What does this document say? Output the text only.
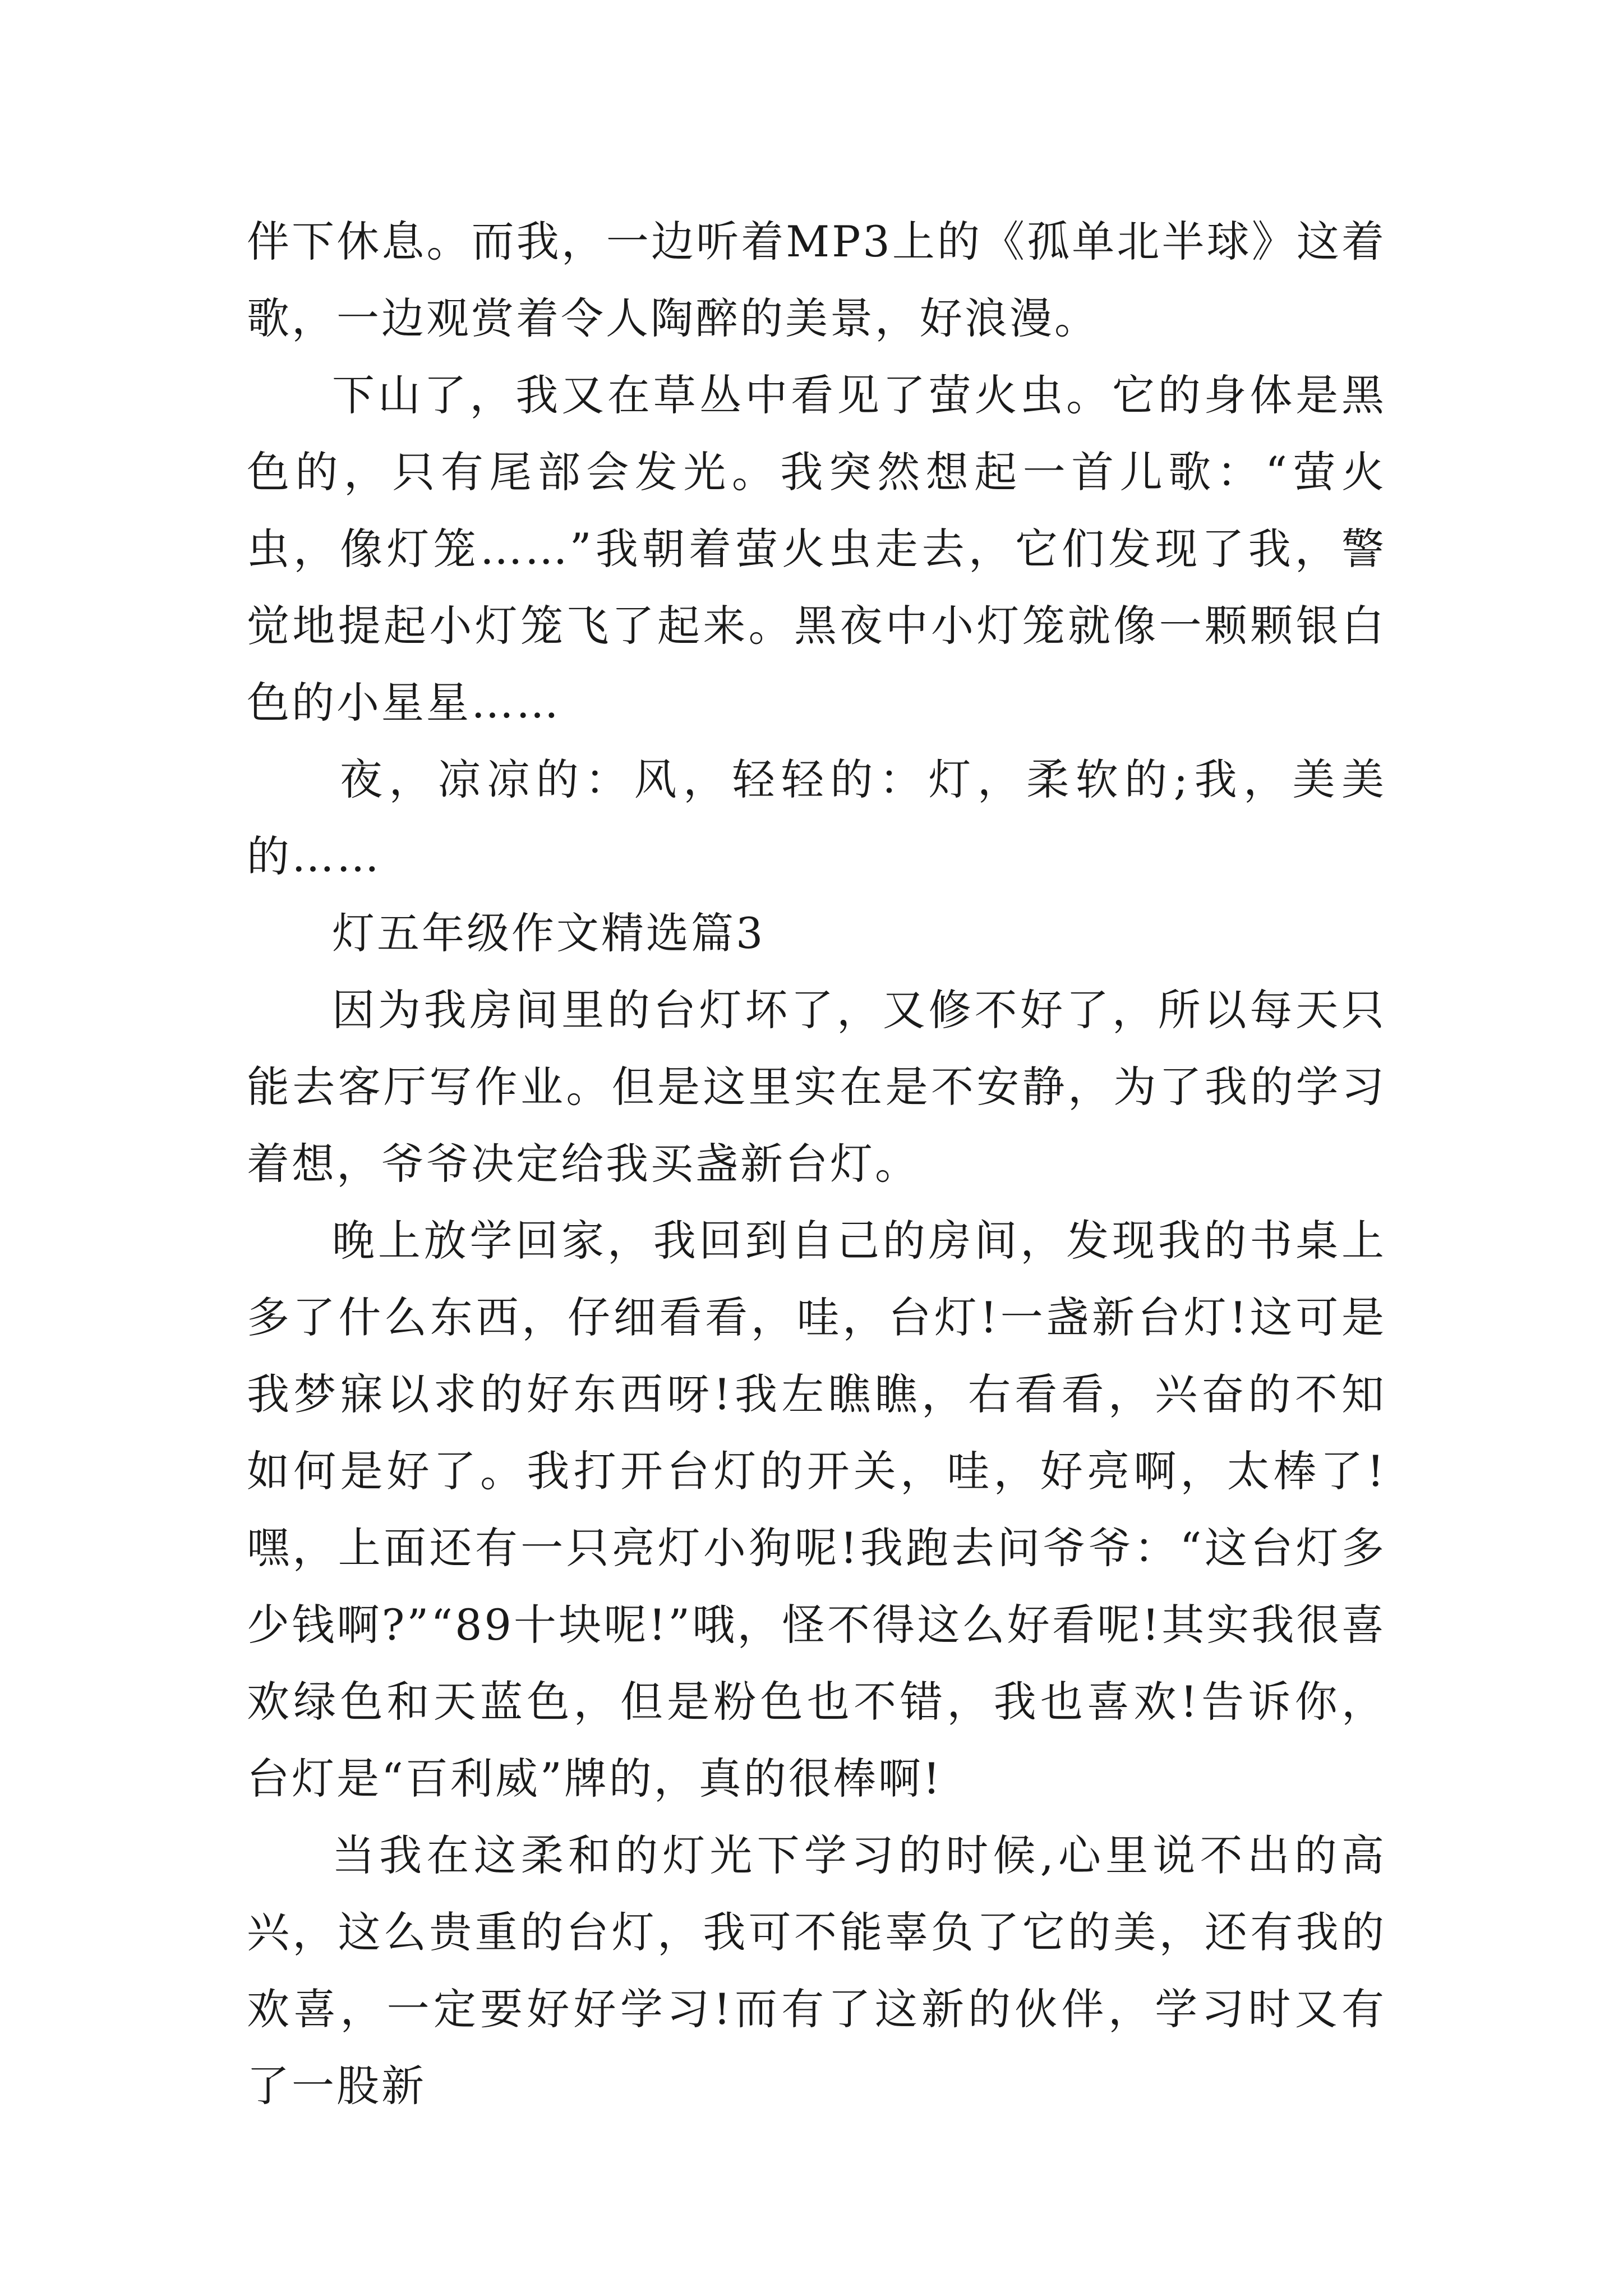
伴下休息。而我，一边听着MP3上的《孤单北半球》这着歌，一边观赏着令人陶醉的美景，好浪漫。

下山了，我又在草丛中看见了萤火虫。它的身体是黑色的，只有尾部会发光。我突然想起一首儿歌：“萤火虫，像灯笼……”我朝着萤火虫走去，它们发现了我，警觉地提起小灯笼飞了起来。黑夜中小灯笼就像一颗颗银白色的小星星……

夜，凉凉的：风，轻轻的：灯，柔软的;我，美美的……

灯五年级作文精选篇3

因为我房间里的台灯坏了，又修不好了，所以每天只能去客厅写作业。但是这里实在是不安静，为了我的学习着想，爷爷决定给我买盏新台灯。

晚上放学回家，我回到自己的房间，发现我的书桌上多了什么东西，仔细看看，哇，台灯!一盏新台灯!这可是我梦寐以求的好东西呀!我左瞧瞧，右看看，兴奋的不知如何是好了。我打开台灯的开关，哇，好亮啊，太棒了!嘿，上面还有一只亮灯小狗呢!我跑去问爷爷：“这台灯多少钱啊?”“89十块呢!”哦，怪不得这么好看呢!其实我很喜欢绿色和天蓝色，但是粉色也不错，我也喜欢!告诉你，台灯是“百利威”牌的，真的很棒啊!

当我在这柔和的灯光下学习的时候,心里说不出的高兴，这么贵重的台灯，我可不能辜负了它的美，还有我的欢喜，一定要好好学习!而有了这新的伙伴，学习时又有了一股新
